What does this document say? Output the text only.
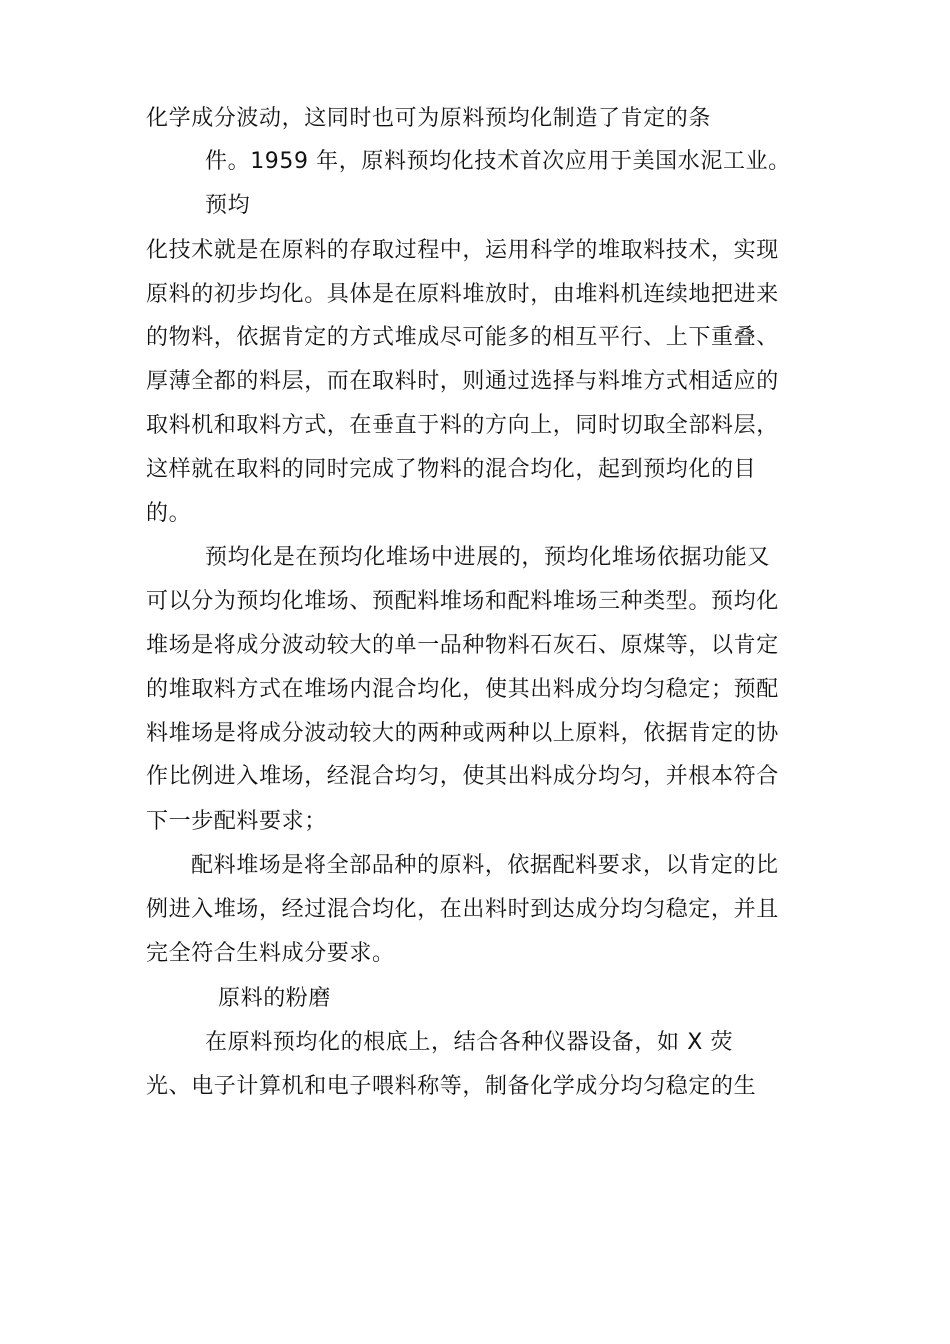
化学成分波动，这同时也可为原料预均化制造了肯定的条
件。1959 年，原料预均化技术首次应用于美国水泥工业。
预均
化技术就是在原料的存取过程中，运用科学的堆取料技术，实现
原料的初步均化。具体是在原料堆放时，由堆料机连续地把进来
的物料，依据肯定的方式堆成尽可能多的相互平行、上下重叠、
厚薄全都的料层，而在取料时，则通过选择与料堆方式相适应的
取料机和取料方式，在垂直于料的方向上，同时切取全部料层，
这样就在取料的同时完成了物料的混合均化，起到预均化的目
的。
预均化是在预均化堆场中进展的，预均化堆场依据功能又
可以分为预均化堆场、预配料堆场和配料堆场三种类型。预均化
堆场是将成分波动较大的单一品种物料石灰石、原煤等，以肯定
的堆取料方式在堆场内混合均化，使其出料成分均匀稳定；预配
料堆场是将成分波动较大的两种或两种以上原料，依据肯定的协
作比例进入堆场，经混合均匀，使其出料成分均匀，并根本符合
下一步配料要求；
配料堆场是将全部品种的原料，依据配料要求，以肯定的比
例进入堆场，经过混合均化，在出料时到达成分均匀稳定，并且
完全符合生料成分要求。
原料的粉磨
在原料预均化的根底上，结合各种仪器设备，如 X 荧
光、电子计算机和电子喂料称等，制备化学成分均匀稳定的生
